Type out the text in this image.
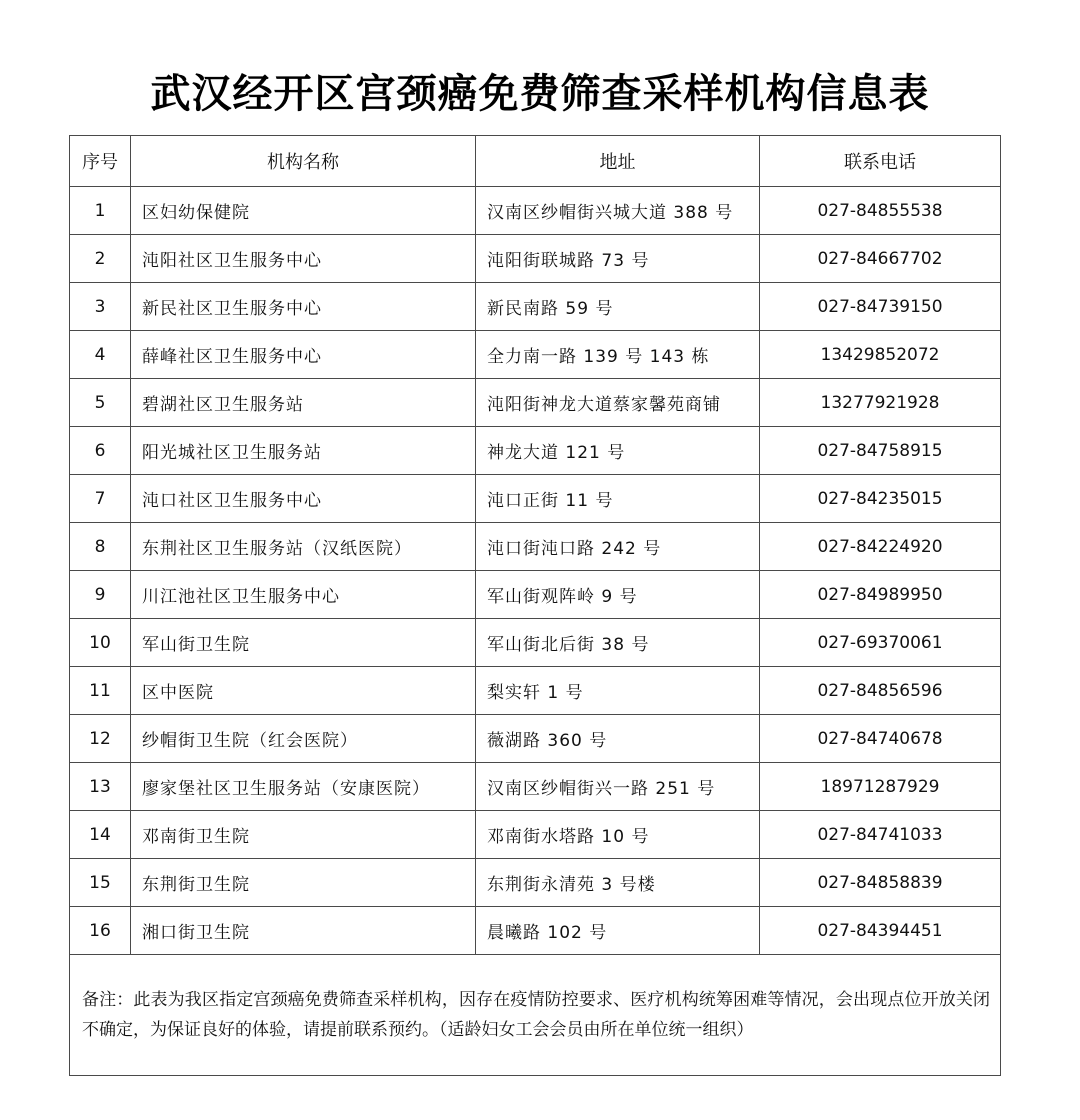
武汉经开区宫颈癌免费筛查采样机构信息表
序号	机构名称	地址	联系电话
1	区妇幼保健院	汉南区纱帽街兴城大道 388 号	027-84855538
2	沌阳社区卫生服务中心	沌阳街联城路 73 号	027-84667702
3	新民社区卫生服务中心	新民南路 59 号	027-84739150
4	薛峰社区卫生服务中心	全力南一路 139 号 143 栋	13429852072
5	碧湖社区卫生服务站	沌阳街神龙大道蔡家馨苑商铺	13277921928
6	阳光城社区卫生服务站	神龙大道 121 号	027-84758915
7	沌口社区卫生服务中心	沌口正街 11 号	027-84235015
8	东荆社区卫生服务站（汉纸医院）	沌口街沌口路 242 号	027-84224920
9	川江池社区卫生服务中心	军山街观阵岭 9 号	027-84989950
10	军山街卫生院	军山街北后街 38 号	027-69370061
11	区中医院	梨实轩 1 号	027-84856596
12	纱帽街卫生院（红会医院）	薇湖路 360 号	027-84740678
13	廖家堡社区卫生服务站（安康医院）	汉南区纱帽街兴一路 251 号	18971287929
14	邓南街卫生院	邓南街水塔路 10 号	027-84741033
15	东荆街卫生院	东荆街永清苑 3 号楼	027-84858839
16	湘口街卫生院	晨曦路 102 号	027-84394451
备注：此表为我区指定宫颈癌免费筛查采样机构，因存在疫情防控要求、医疗机构统筹困难等情况，会出现点位开放关闭不确定，为保证良好的体验，请提前联系预约。（适龄妇女工会会员由所在单位统一组织）			
